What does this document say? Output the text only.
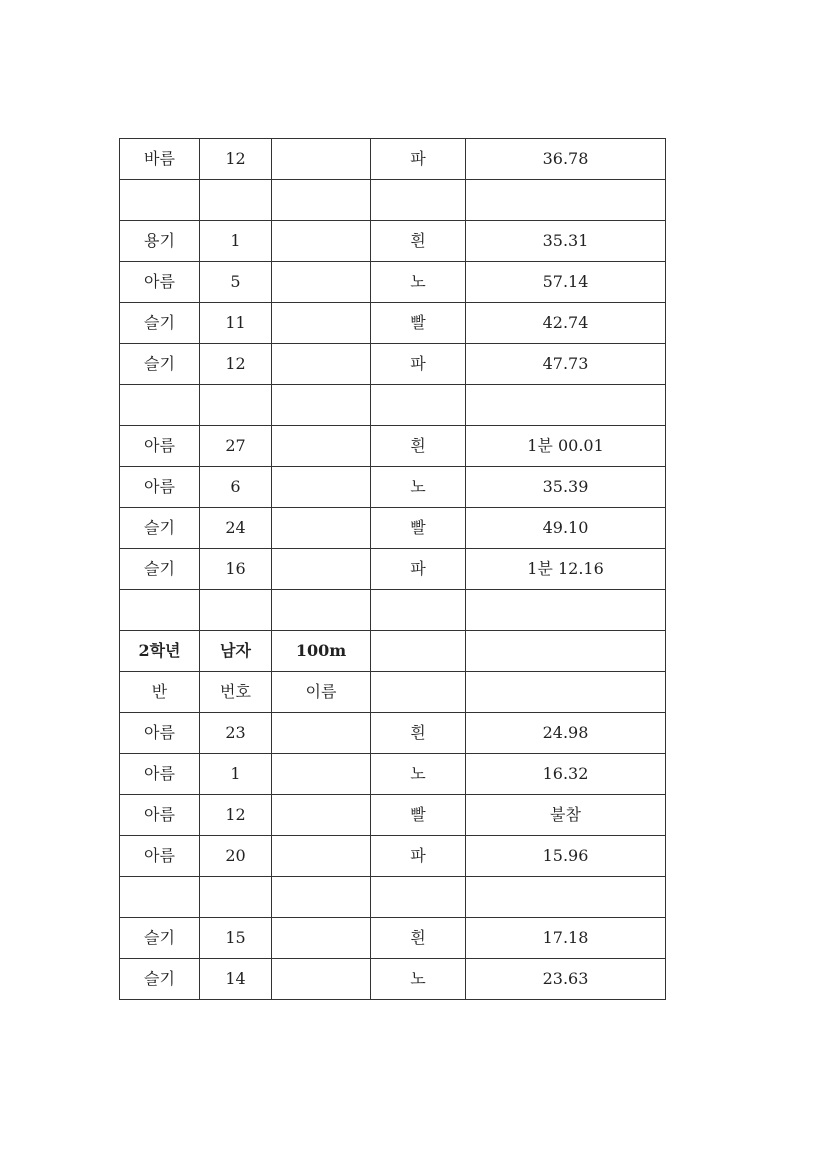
바름	12		파	36.78

용기	1		흰	35.31
아름	5		노	57.14
슬기	11		빨	42.74
슬기	12		파	47.73

아름	27		흰	1분 00.01
아름	6		노	35.39
슬기	24		빨	49.10
슬기	16		파	1분 12.16

2학년	남자	100m		
반	번호	이름		
아름	23		흰	24.98
아름	1		노	16.32
아름	12		빨	불참
아름	20		파	15.96

슬기	15		흰	17.18
슬기	14		노	23.63
